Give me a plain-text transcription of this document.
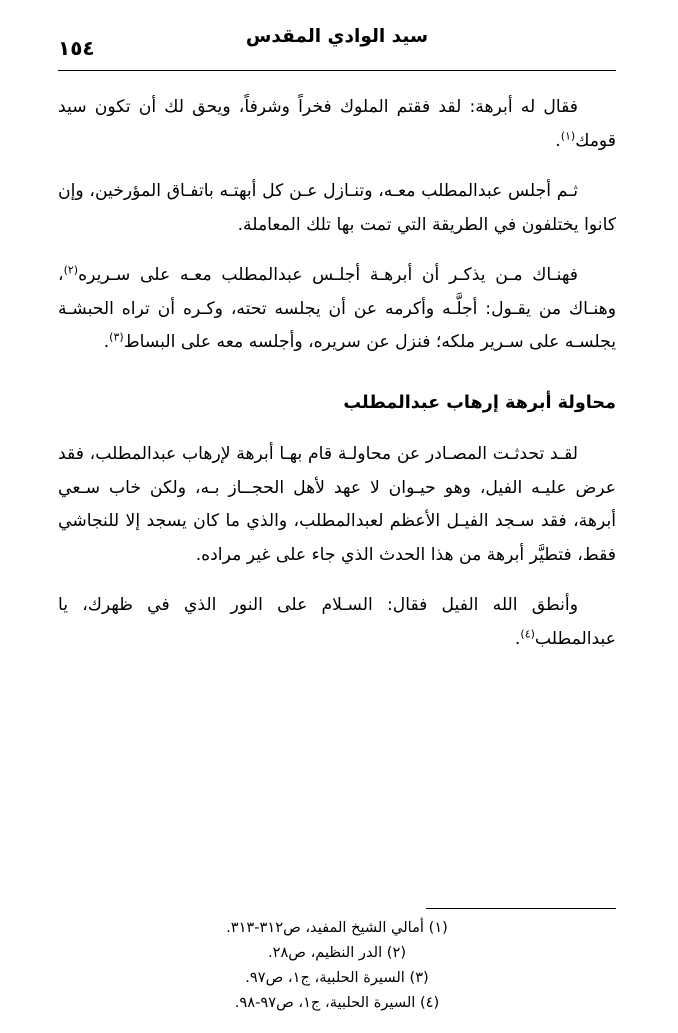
سيد الوادي المقدس
١٥٤

فقال له أبرهة: لقد فقتم الملوك فخراً وشرفاً، ويحق لك أن تكون سيد قومك$^{(١)}$.

ثـم أجلس عبدالمطلب معـه، وتنـازل عـن كل أبهتـه باتفـاق المؤرخين، وإن كانوا يختلفون في الطريقة التي تمت بها تلك المعاملة.

فهنـاك مـن يذكـر أن أبرهـة أجلـس عبدالمطلب معـه على سـريره$^{(٢)}$، وهنـاك من يقـول: أجلَّـه وأكرمه عن أن يجلسه تحته، وكـره أن تراه الحبشـة يجلسـه على سـرير ملكه؛ فنزل عن سريره، وأجلسه معه على البساط$^{(٣)}$.

محاولة أبرهة إرهاب عبدالمطلب

لقـد تحدثـت المصـادر عن محاولـة قام بهـا أبرهة لإرهاب عبدالمطلب، فقد عرض عليـه الفيل، وهو حيـوان لا عهد لأهل الحجــاز بـه، ولكن خاب سـعي أبرهة، فقد سـجد الفيـل الأعظم لعبدالمطلب، والذي ما كان يسجد إلا للنجاشي فقط، فتطيَّر أبرهة من هذا الحدث الذي جاء على غير مراده.

وأنطق الله الفيل فقال: السـلام على النور الذي في ظهرك، يا عبدالمطلب$^{(٤)}$.

(١) أمالي الشيخ المفيد، ص٣١٢-٣١٣.
(٢) الدر النظيم، ص٢٨.
(٣) السيرة الحلبية، ج١، ص٩٧.
(٤) السيرة الحلبية، ج١، ص٩٧-٩٨.
